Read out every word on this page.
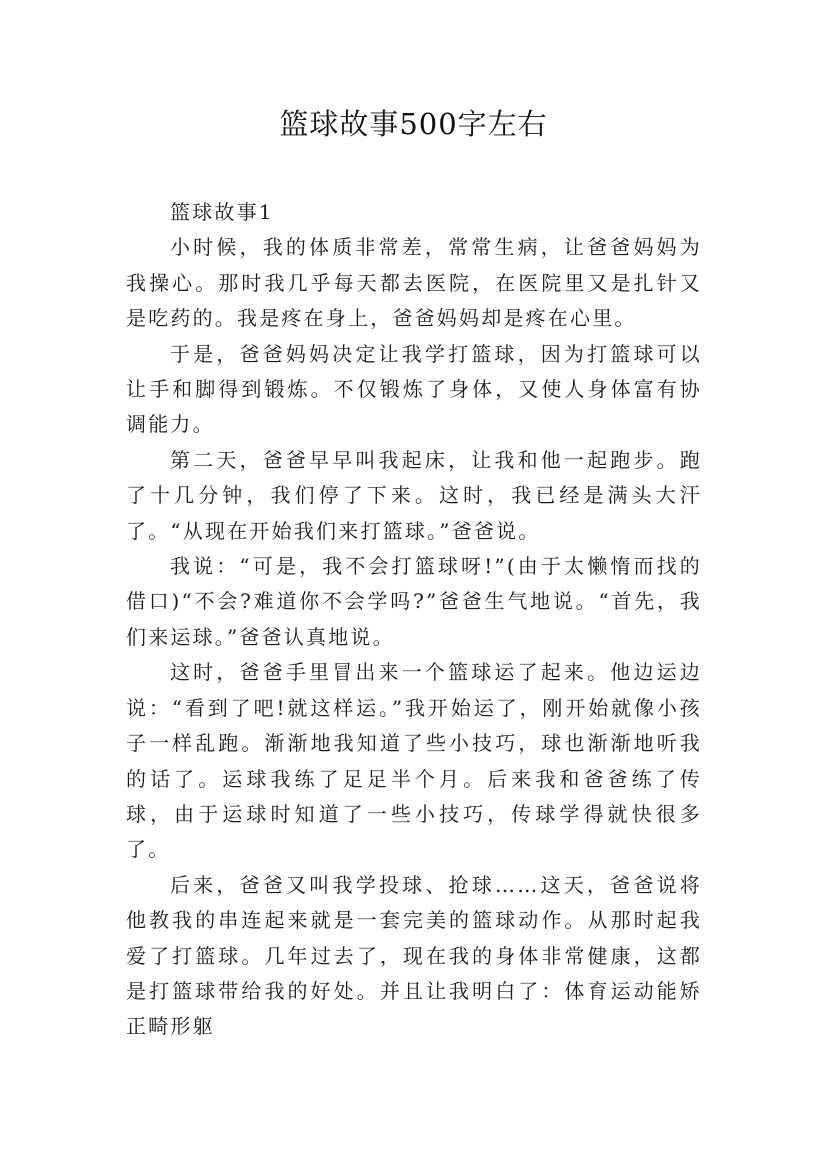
篮球故事500字左右

篮球故事1

小时候，我的体质非常差，常常生病，让爸爸妈妈为我操心。那时我几乎每天都去医院，在医院里又是扎针又是吃药的。我是疼在身上，爸爸妈妈却是疼在心里。

于是，爸爸妈妈决定让我学打篮球，因为打篮球可以让手和脚得到锻炼。不仅锻炼了身体，又使人身体富有协调能力。

第二天，爸爸早早叫我起床，让我和他一起跑步。跑了十几分钟，我们停了下来。这时，我已经是满头大汗了。“从现在开始我们来打篮球。”爸爸说。

我说：“可是，我不会打篮球呀!”(由于太懒惰而找的借口)“不会?难道你不会学吗?”爸爸生气地说。“首先，我们来运球。”爸爸认真地说。

这时，爸爸手里冒出来一个篮球运了起来。他边运边说：“看到了吧!就这样运。”我开始运了，刚开始就像小孩子一样乱跑。渐渐地我知道了些小技巧，球也渐渐地听我的话了。运球我练了足足半个月。后来我和爸爸练了传球，由于运球时知道了一些小技巧，传球学得就快很多了。

后来，爸爸又叫我学投球、抢球……这天，爸爸说将他教我的串连起来就是一套完美的篮球动作。从那时起我爱了打篮球。几年过去了，现在我的身体非常健康，这都是打篮球带给我的好处。并且让我明白了：体育运动能矫正畸形躯
